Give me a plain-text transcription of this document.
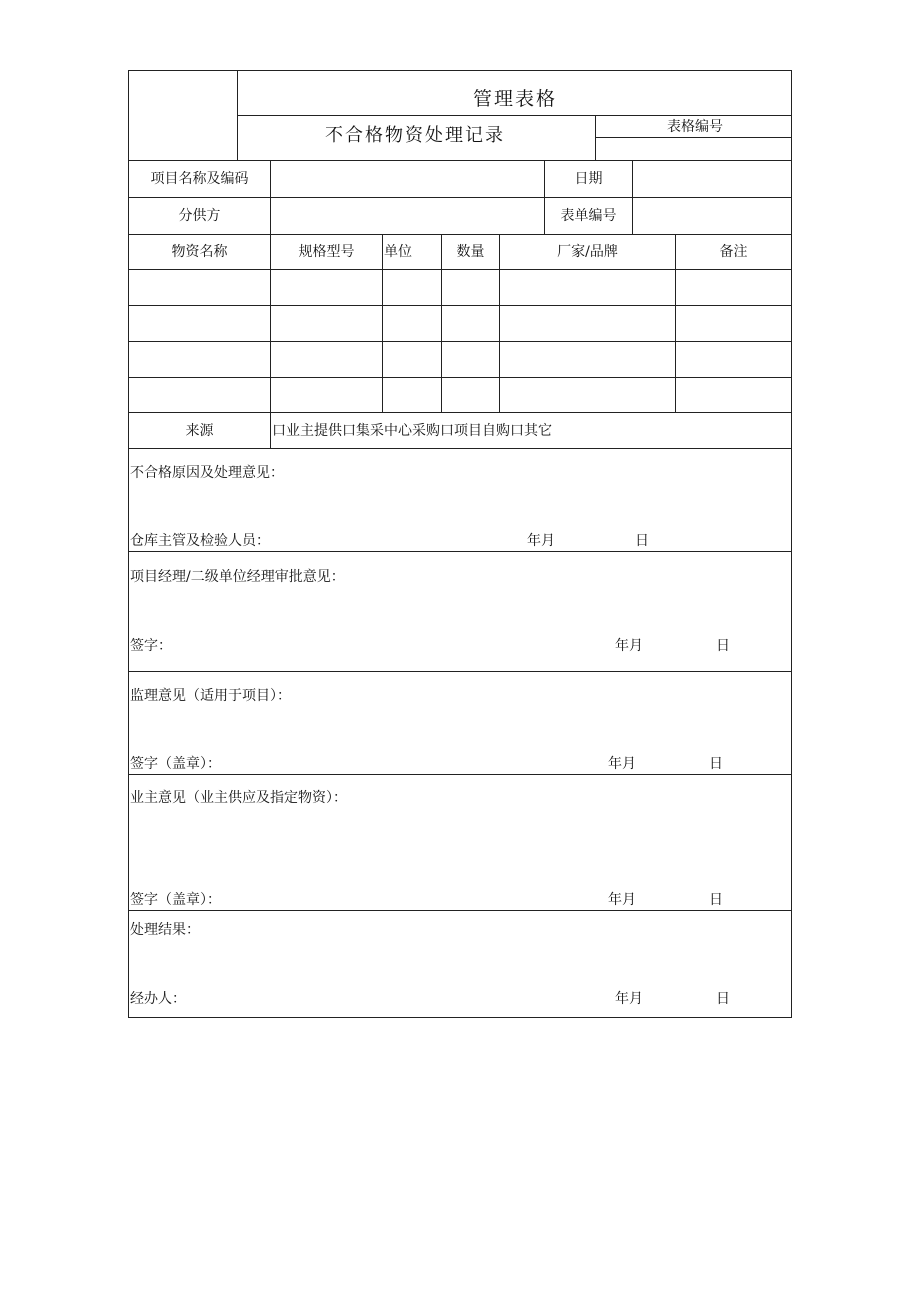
管理表格
不合格物资处理记录	表格编号
项目名称及编码	日期
分供方	表单编号
物资名称	规格型号	单位	数量	厂家/品牌	备注
来源	口业主提供口集采中心采购口项目自购口其它
不合格原因及处理意见：
仓库主管及检验人员：	年月	日
项目经理/二级单位经理审批意见：
签字：	年月	日
监理意见（适用于项目）：
签字（盖章）：	年月	日
业主意见（业主供应及指定物资）：
签字（盖章）：	年月	日
处理结果：
经办人：	年月	日
